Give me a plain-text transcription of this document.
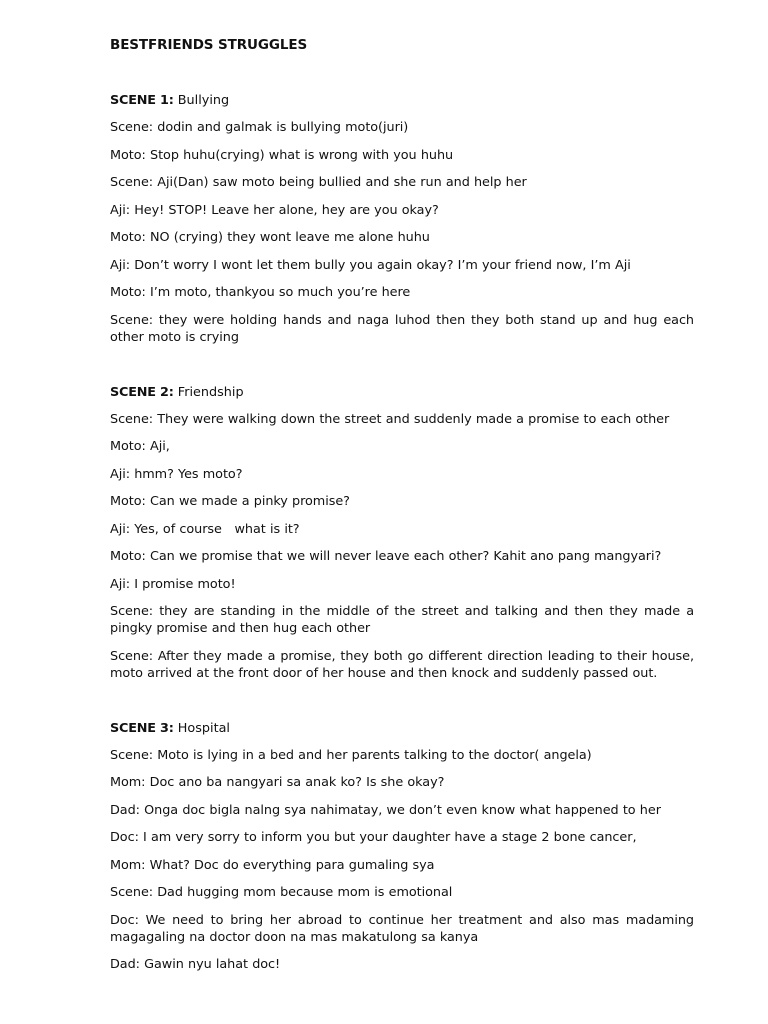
BESTFRIENDS STRUGGLES

SCENE 1: Bullying

Scene: dodin and galmak is bullying moto(juri)

Moto: Stop huhu(crying) what is wrong with you huhu

Scene: Aji(Dan) saw moto being bullied and she run and help her

Aji: Hey! STOP! Leave her alone, hey are you okay?

Moto: NO (crying) they wont leave me alone huhu

Aji: Don’t worry I wont let them bully you again okay? I’m your friend now, I’m Aji

Moto: I’m moto, thankyou so much you’re here

Scene: they were holding hands and naga luhod then they both stand up and hug each other moto is crying

SCENE 2: Friendship

Scene: They were walking down the street and suddenly made a promise to each other

Moto: Aji,

Aji: hmm? Yes moto?

Moto: Can we made a pinky promise?

Aji: Yes, of course   what is it?

Moto: Can we promise that we will never leave each other? Kahit ano pang mangyari?

Aji: I promise moto!

Scene: they are standing in the middle of the street and talking and then they made a pingky promise and then hug each other

Scene: After they made a promise, they both go different direction leading to their house, moto arrived at the front door of her house and then knock and suddenly passed out.

SCENE 3: Hospital

Scene: Moto is lying in a bed and her parents talking to the doctor( angela)

Mom: Doc ano ba nangyari sa anak ko? Is she okay?

Dad: Onga doc bigla nalng sya nahimatay, we don’t even know what happened to her

Doc: I am very sorry to inform you but your daughter have a stage 2 bone cancer,

Mom: What? Doc do everything para gumaling sya

Scene: Dad hugging mom because mom is emotional

Doc: We need to bring her abroad to continue her treatment and also mas madaming magagaling na doctor doon na mas makatulong sa kanya

Dad: Gawin nyu lahat doc!
